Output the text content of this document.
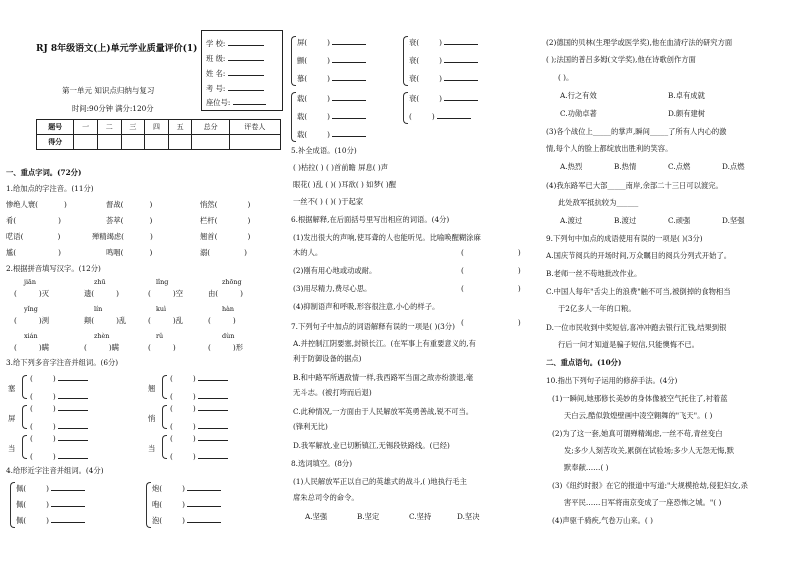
RJ 8年级语文(上)单元学业质量评价(1)
第一单元 知识点归纳与复习
时间:90分钟 满分:120分
题号	一	二	三	四	五	总分	评卷人
得分							
学 校:
班 级:
姓 名:
考 号:
座位号:
一、重点字词。(72分)
1.给加点的字注音。(11分)
惨绝人寰(	)	督战(	)	悄然(	)
肴(	)	荟萃(	)	栏杆(	)
呓语(	)	殚精竭虑(	)	翘首(	)
尴(	)	鸣咽(	)	溺(	)
2.根据拼音填写汉字。(12分)
jiān	zhū	lǐng	zhōng
(	)灭	遗(	)	(	)空	由(	)
yǐng	lín	kuì	hàn
(	)洌	颠(	)乱	(	)乱	(	)
xián	zhèn	rǔ	dùn
(	)瞒	(	)瞒	(	)	(	)形
3.给下列多音字注音并组词。(6分)
塞
(	)
(	)
翘
(	)
(	)
屏
(	)
(	)
悄
(	)
(	)
当
(	)
(	)
当
(	)
(	)
4.给形近字注音并组词。(4分)
佩(	)
佩(	)
佩(	)
炮(	)
咆(	)
泡(	)
屏(	)
颤(	)
慕(	)
衰(	)
衰(	)
衰(	)
载(	)
载(	)
载(	)
衰(	)
(	)
5.补全成语。(10分)
( )枯拉( ) ( )首前瞻 屏息( )声
眼花( )乱 ( )( )耳欲( ) 如梦( )醒
一丝不( ) ( )( )于起家
6.根据解释,在后面括号里写出相应的词语。(4分)
(1)发出很大的声响,使耳聋的人也能听见。比喻唤醒糊涂麻
木的人。	(	)
(2)刚有用心地或动或耐。	(	)
(3)用尽精力,费尽心思。	(	)
(4)抑制语声和呼吸,形容很注意,小心的样子。
(	)
7.下列句子中加点的词语解释有误的一项是( )(3分)
A.并控制江阴要塞,封锁长江。(在军事上有重要意义的,有
利于防御设备的据点)
B.和中路军所遇敌情一样,我西路军当面之敌亦纷溃退,毫
无斗志。(被打垮而后退)
C.此种情况,一方面由于人民解放军英勇善战,锐不可当。
(锋利无比)
D.我军解放,业已切断镇江,无锡段铁路线。(已经)
8.选词填空。(8分)
(1)人民解放军正以自己的英雄式的战斗,( )地执行毛主
席朱总司令的命令。
A.坚强	B.坚定	C.坚持	D.坚决
(2)德国的贝林(生理学或医学奖),他在血清疗法的研究方面
( );法国的普吕多姆(文学奖),他在诗歌创作方面
( )。
A.行之有效	B.卓有成就
C.功勋卓著	D.颇有建树
(3)各个战位上_____的掌声,瞬间_____了所有人内心的激
情,每个人的脸上都绽放出胜利的笑容。
A.热烈	B.热情	C.点燃	D.点燃
(4)我东路军已大部_____南岸,余部二十三日可以渡完。
此处敌军抵抗较为______
A.渡过	B.渡过	C.顽强	D.坚强
9.下列句中加点的成语使用有误的一项是( )(3分)
A.国庆节阅兵的开场时间,万众瞩目的阅兵分列式开始了。
B.老师一丝不苟地批改作业。
C.中国人每年"舌尖上的浪费"触不可当,被倒掉的食物相当
于2亿多人一年的口粮。
D.一位市民收到中奖短信,喜冲冲跑去银行汇钱,结果到银
行后一问才知道是骗子短信,只能懊悔不已。
二、重点语句。(10分)
10.指出下列句子运用的修辞手法。(4分)
(1)一瞬间,她那修长美妙的身体像被空气托住了,衬着蓝
天白云,酷似敦煌壁画中凌空翱舞的"飞天"。( )
(2)为了这一套,她真可谓殚精竭虑,一丝不苟,青丝变白
发;多少人刻苦攻关,累倒在试验场;多少人无怨无悔,默
默奉献……( )
(3)《纽约时报》在它的报道中写道:"大规模抢劫,侵犯妇女,杀
害平民……日军将南京变成了一座恐怖之城。"( )
(4)声驱千骑疾,气卷万山来。( )
